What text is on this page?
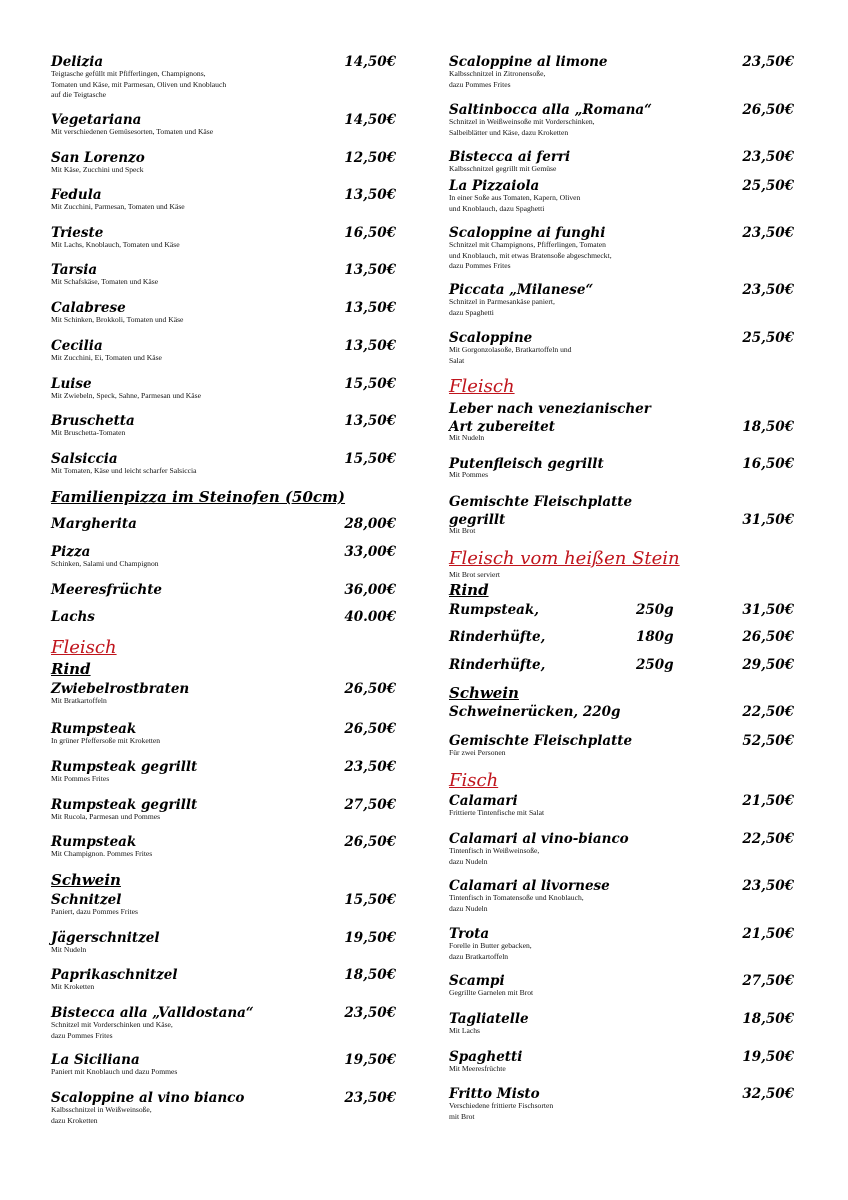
Delizia	14,50€
Teigtasche gefüllt mit Pfifferlingen, Champignons,
Tomaten und Käse, mit Parmesan, Oliven und Knoblauch
auf die Teigtasche
Vegetariana	14,50€
Mit verschiedenen Gemüsesorten, Tomaten und Käse
San Lorenzo	12,50€
Mit Käse, Zucchini und Speck
Fedula	13,50€
Mit Zucchini, Parmesan, Tomaten und Käse
Trieste	16,50€
Mit Lachs, Knoblauch, Tomaten und Käse
Tarsia	13,50€
Mit Schafskäse, Tomaten und Käse
Calabrese	13,50€
Mit Schinken, Brokkoli, Tomaten und Käse
Cecilia	13,50€
Mit Zucchini, Ei, Tomaten und Käse
Luise	15,50€
Mit Zwiebeln, Speck, Sahne, Parmesan und Käse
Bruschetta	13,50€
Mit Bruschetta-Tomaten
Salsiccia	15,50€
Mit Tomaten, Käse und leicht scharfer Salsiccia
Familienpizza im Steinofen (50cm)
Margherita	28,00€
Pizza	33,00€
Schinken, Salami und Champignon
Meeresfrüchte	36,00€
Lachs	40.00€
Fleisch
Rind
Zwiebelrostbraten	26,50€
Mit Bratkartoffeln
Rumpsteak	26,50€
In grüner Pfeffersoße mit Kroketten
Rumpsteak gegrillt	23,50€
Mit Pommes Frites
Rumpsteak gegrillt	27,50€
Mit Rucola, Parmesan und Pommes
Rumpsteak	26,50€
Mit Champignon. Pommes Frites
Schwein
Schnitzel	15,50€
Paniert, dazu Pommes Frites
Jägerschnitzel	19,50€
Mit Nudeln
Paprikaschnitzel	18,50€
Mit Kroketten
Bistecca alla „Valldostana“	23,50€
Schnitzel mit Vorderschinken und Käse,
dazu Pommes Frites
La Siciliana	19,50€
Paniert mit Knoblauch und dazu Pommes
Scaloppine al vino bianco	23,50€
Kalbsschnitzel in Weißweinsoße,
dazu Kroketten
Scaloppine al limone	23,50€
Kalbsschnitzel in Zitronensoße,
dazu Pommes Frites
Saltinbocca alla „Romana“	26,50€
Schnitzel in Weißweinsoße mit Vorderschinken,
Salbeiblätter und Käse, dazu Kroketten
Bistecca ai ferri	23,50€
Kalbsschnitzel gegrillt mit Gemüse
La Pizzaiola	25,50€
In einer Soße aus Tomaten, Kapern, Oliven
und Knoblauch, dazu Spaghetti
Scaloppine ai funghi	23,50€
Schnitzel mit Champignons, Pfifferlingen, Tomaten
und Knoblauch, mit etwas Bratensoße abgeschmeckt,
dazu Pommes Frites
Piccata „Milanese“	23,50€
Schnitzel in Parmesankäse paniert,
dazu Spaghetti
Scaloppine	25,50€
Mit Gorgonzolasoße, Bratkartoffeln und
Salat
Fleisch
Leber nach venezianischer
Art zubereitet	18,50€
Mit Nudeln
Putenfleisch gegrillt	16,50€
Mit Pommes
Gemischte Fleischplatte
gegrillt	31,50€
Mit Brot
Fleisch vom heißen Stein
Mit Brot serviert
Rind
Rumpsteak,	250g	31,50€
Rinderhüfte,	180g	26,50€
Rinderhüfte,	250g	29,50€
Schwein
Schweinerücken, 220g	22,50€
Gemischte Fleischplatte	52,50€
Für zwei Personen
Fisch
Calamari	21,50€
Frittierte Tintenfische mit Salat
Calamari al vino-bianco	22,50€
Tintenfisch in Weißweinsoße,
dazu Nudeln
Calamari al livornese	23,50€
Tintenfisch in Tomatensoße und Knoblauch,
dazu Nudeln
Trota	21,50€
Forelle in Butter gebacken,
dazu Bratkartoffeln
Scampi	27,50€
Gegrillte Garnelen mit Brot
Tagliatelle	18,50€
Mit Lachs
Spaghetti	19,50€
Mit Meeresfrüchte
Fritto Misto	32,50€
Verschiedene frittierte Fischsorten
mit Brot
